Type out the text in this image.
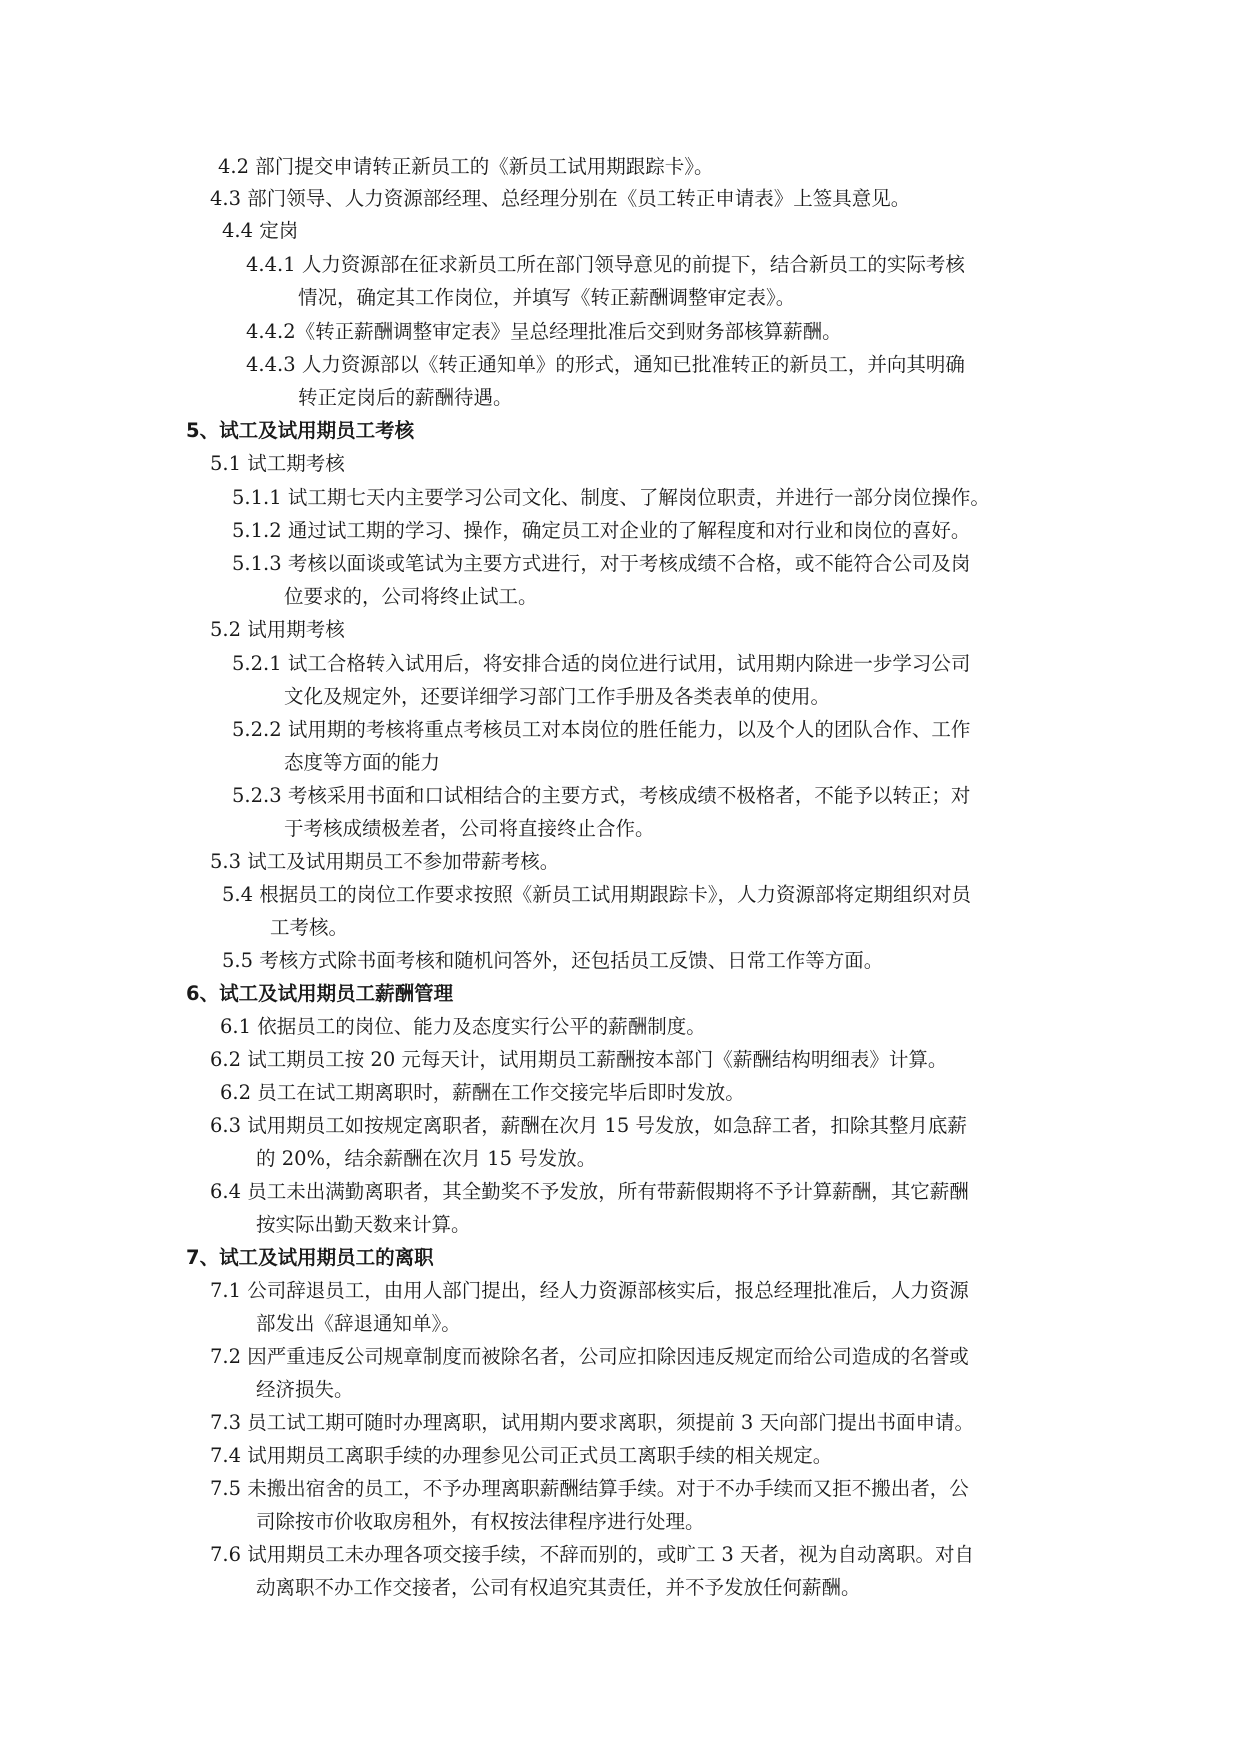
4.2 部门提交申请转正新员工的《新员工试用期跟踪卡》。
4.3 部门领导、人力资源部经理、总经理分别在《员工转正申请表》上签具意见。
4.4 定岗
4.4.1 人力资源部在征求新员工所在部门领导意见的前提下，结合新员工的实际考核
情况，确定其工作岗位，并填写《转正薪酬调整审定表》。
4.4.2《转正薪酬调整审定表》呈总经理批准后交到财务部核算薪酬。
4.4.3 人力资源部以《转正通知单》的形式，通知已批准转正的新员工，并向其明确
转正定岗后的薪酬待遇。
5、试工及试用期员工考核
5.1 试工期考核
5.1.1 试工期七天内主要学习公司文化、制度、了解岗位职责，并进行一部分岗位操作。
5.1.2 通过试工期的学习、操作，确定员工对企业的了解程度和对行业和岗位的喜好。
5.1.3 考核以面谈或笔试为主要方式进行，对于考核成绩不合格，或不能符合公司及岗
位要求的，公司将终止试工。
5.2 试用期考核
5.2.1 试工合格转入试用后，将安排合适的岗位进行试用，试用期内除进一步学习公司
文化及规定外，还要详细学习部门工作手册及各类表单的使用。
5.2.2 试用期的考核将重点考核员工对本岗位的胜任能力，以及个人的团队合作、工作
态度等方面的能力
5.2.3 考核采用书面和口试相结合的主要方式，考核成绩不极格者，不能予以转正；对
于考核成绩极差者，公司将直接终止合作。
5.3 试工及试用期员工不参加带薪考核。
5.4 根据员工的岗位工作要求按照《新员工试用期跟踪卡》，人力资源部将定期组织对员
工考核。
5.5 考核方式除书面考核和随机问答外，还包括员工反馈、日常工作等方面。
6、试工及试用期员工薪酬管理
6.1 依据员工的岗位、能力及态度实行公平的薪酬制度。
6.2 试工期员工按 20 元每天计，试用期员工薪酬按本部门《薪酬结构明细表》计算。
6.2 员工在试工期离职时，薪酬在工作交接完毕后即时发放。
6.3 试用期员工如按规定离职者，薪酬在次月 15 号发放，如急辞工者，扣除其整月底薪
的 20%，结余薪酬在次月 15 号发放。
6.4 员工未出满勤离职者，其全勤奖不予发放，所有带薪假期将不予计算薪酬，其它薪酬
按实际出勤天数来计算。
7、试工及试用期员工的离职
7.1 公司辞退员工，由用人部门提出，经人力资源部核实后，报总经理批准后，人力资源
部发出《辞退通知单》。
7.2 因严重违反公司规章制度而被除名者，公司应扣除因违反规定而给公司造成的名誉或
经济损失。
7.3 员工试工期可随时办理离职，试用期内要求离职，须提前 3 天向部门提出书面申请。
7.4 试用期员工离职手续的办理参见公司正式员工离职手续的相关规定。
7.5 未搬出宿舍的员工，不予办理离职薪酬结算手续。对于不办手续而又拒不搬出者，公
司除按市价收取房租外，有权按法律程序进行处理。
7.6 试用期员工未办理各项交接手续，不辞而别的，或旷工 3 天者，视为自动离职。对自
动离职不办工作交接者，公司有权追究其责任，并不予发放任何薪酬。
